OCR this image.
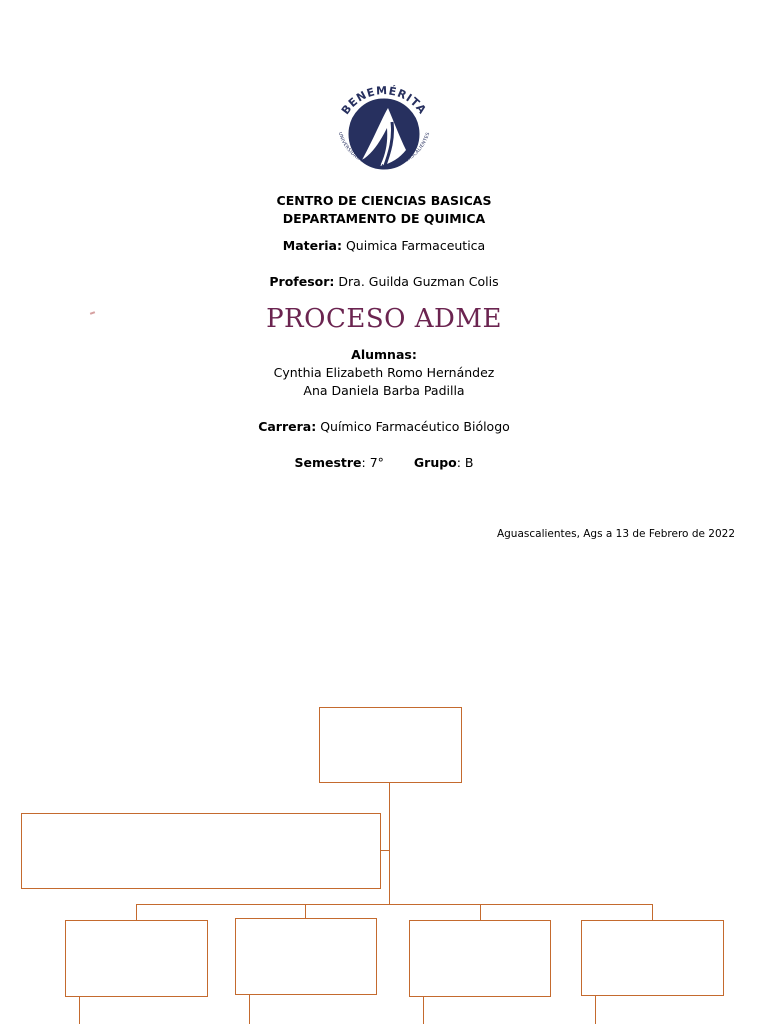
BENEMÉRITA
UNIVERSIDAD AUTÓNOMA DE AGUASCALIENTES
CENTRO DE CIENCIAS BASICAS
DEPARTAMENTO DE QUIMICA
Materia: Quimica Farmaceutica
Profesor: Dra. Guilda Guzman Colis
PROCESO ADME
Alumnas:
Cynthia Elizabeth Romo Hernández
Ana Daniela Barba Padilla
Carrera: Químico Farmacéutico Biólogo
Semestre: 7° Grupo: B
Aguascalientes, Ags a 13 de Febrero de 2022
